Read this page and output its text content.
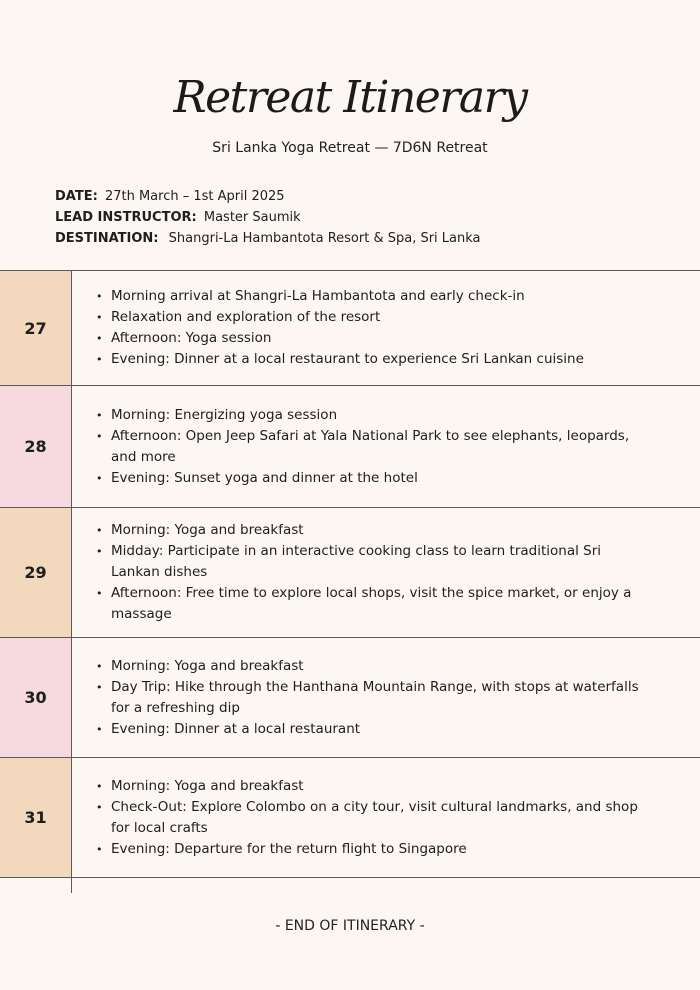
Retreat Itinerary
Sri Lanka Yoga Retreat — 7D6N Retreat
DATE: 27th March – 1st April 2025
LEAD INSTRUCTOR: Master Saumik
DESTINATION: Shangri-La Hambantota Resort & Spa, Sri Lanka
27
• Morning arrival at Shangri-La Hambantota and early check-in
• Relaxation and exploration of the resort
• Afternoon: Yoga session
• Evening: Dinner at a local restaurant to experience Sri Lankan cuisine
28
• Morning: Energizing yoga session
• Afternoon: Open Jeep Safari at Yala National Park to see elephants, leopards, and more
• Evening: Sunset yoga and dinner at the hotel
29
• Morning: Yoga and breakfast
• Midday: Participate in an interactive cooking class to learn traditional Sri Lankan dishes
• Afternoon: Free time to explore local shops, visit the spice market, or enjoy a massage
30
• Morning: Yoga and breakfast
• Day Trip: Hike through the Hanthana Mountain Range, with stops at waterfalls for a refreshing dip
• Evening: Dinner at a local restaurant
31
• Morning: Yoga and breakfast
• Check-Out: Explore Colombo on a city tour, visit cultural landmarks, and shop for local crafts
• Evening: Departure for the return flight to Singapore
- END OF ITINERARY -
